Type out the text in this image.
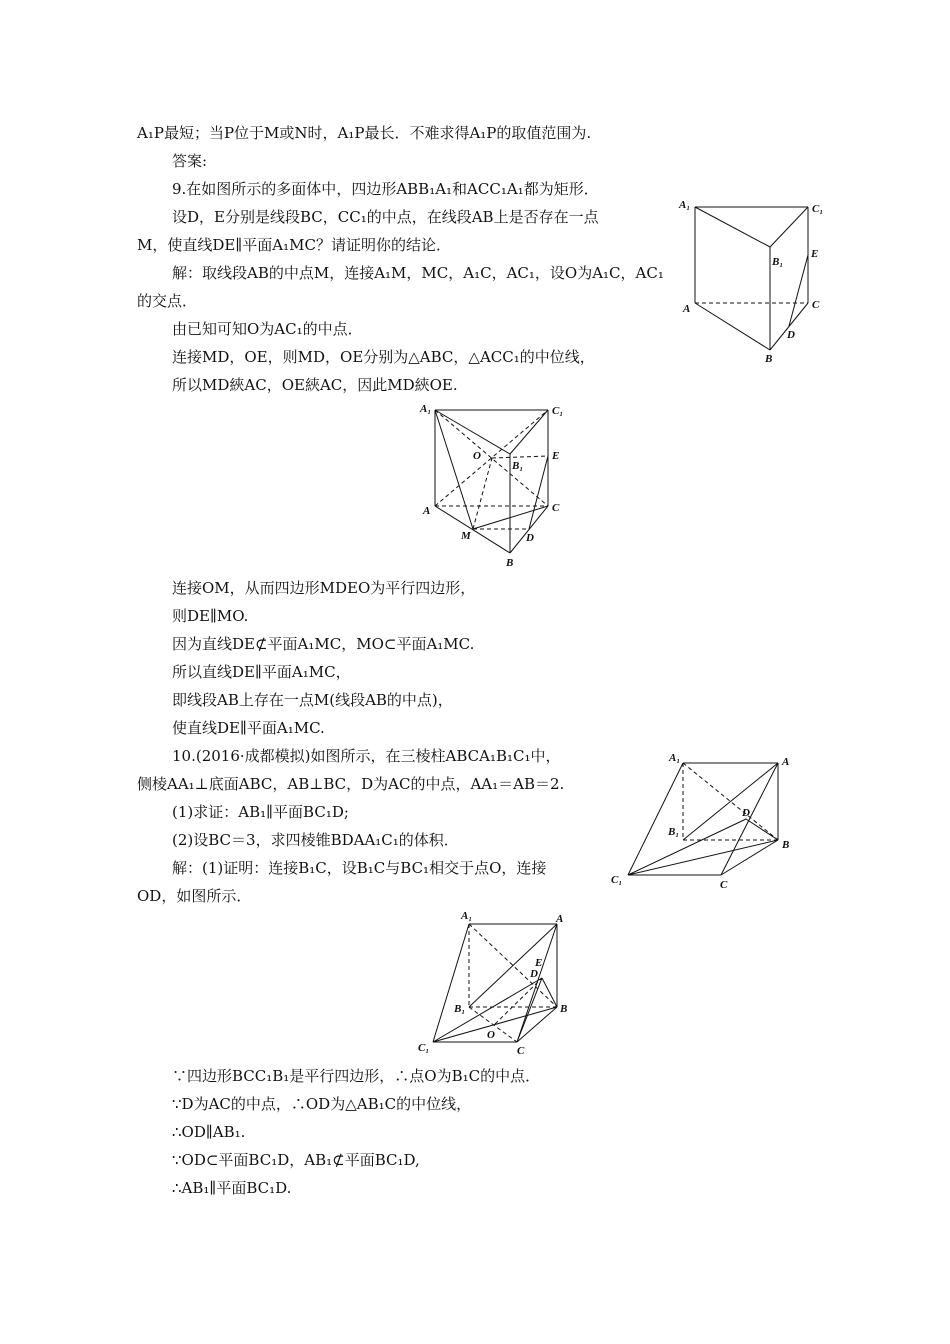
A₁P最短；当P位于M或N时，A₁P最长．不难求得A₁P的取值范围为.
答案:
9.在如图所示的多面体中，四边形ABB₁A₁和ACC₁A₁都为矩形．
设D，E分别是线段BC，CC₁的中点，在线段AB上是否存在一点
M，使直线DE∥平面A₁MC？请证明你的结论．
解：取线段AB的中点M，连接A₁M，MC，A₁C，AC₁，设O为A₁C，AC₁
的交点．
由已知可知O为AC₁的中点．
连接MD，OE，则MD，OE分别为△ABC，△ACC₁的中位线，
所以MD綊AC，OE綊AC，因此MD綊OE.
连接OM，从而四边形MDEO为平行四边形，
则DE∥MO.
因为直线DE⊄平面A₁MC，MO⊂平面A₁MC.
所以直线DE∥平面A₁MC，
即线段AB上存在一点M(线段AB的中点)，
使直线DE∥平面A₁MC.
10.(2016·成都模拟)如图所示，在三棱柱ABCA₁B₁C₁中，
侧棱AA₁⊥底面ABC，AB⊥BC，D为AC的中点，AA₁＝AB＝2.
(1)求证：AB₁∥平面BC₁D;
(2)设BC＝3，求四棱锥BDAA₁C₁的体积．
解：(1)证明：连接B₁C，设B₁C与BC₁相交于点O，连接
OD，如图所示．
∵四边形BCC₁B₁是平行四边形，∴点O为B₁C的中点．
∵D为AC的中点，∴OD为△AB₁C的中位线，
∴OD∥AB₁.
∵OD⊂平面BC₁D，AB₁⊄平面BC₁D,
∴AB₁∥平面BC₁D.
A₁	C₁
B₁
E
A	C
D
B
A₁	C₁
O
B₁
E
A	C
M	D
B
A₁	A
D
B₁
B
C₁	C
A₁	A
E
D
B₁	B
O
C₁	C
